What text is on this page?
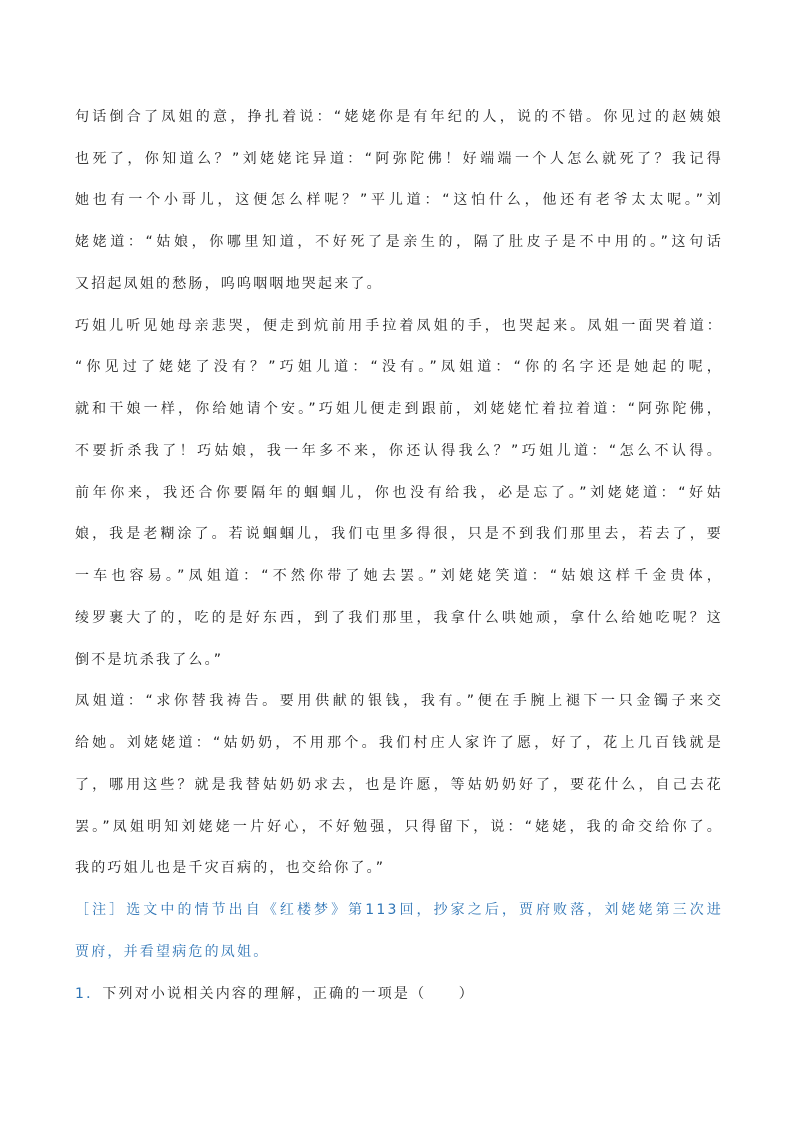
句话倒合了凤姐的意，挣扎着说：“姥姥你是有年纪的人，说的不错。你见过的赵姨娘
也死了，你知道么？”刘姥姥诧异道：“阿弥陀佛！好端端一个人怎么就死了？我记得
她也有一个小哥儿，这便怎么样呢？”平儿道：“这怕什么，他还有老爷太太呢。”刘
姥姥道：“姑娘，你哪里知道，不好死了是亲生的，隔了肚皮子是不中用的。”这句话
又招起凤姐的愁肠，呜呜咽咽地哭起来了。
巧姐儿听见她母亲悲哭，便走到炕前用手拉着凤姐的手，也哭起来。凤姐一面哭着道：
“你见过了姥姥了没有？”巧姐儿道：“没有。”凤姐道：“你的名字还是她起的呢，
就和干娘一样，你给她请个安。”巧姐儿便走到跟前，刘姥姥忙着拉着道：“阿弥陀佛，
不要折杀我了！巧姑娘，我一年多不来，你还认得我么？”巧姐儿道：“怎么不认得。
前年你来，我还合你要隔年的蝈蝈儿，你也没有给我，必是忘了。”刘姥姥道：“好姑
娘，我是老糊涂了。若说蝈蝈儿，我们屯里多得很，只是不到我们那里去，若去了，要
一车也容易。”凤姐道：“不然你带了她去罢。”刘姥姥笑道：“姑娘这样千金贵体，
绫罗裹大了的，吃的是好东西，到了我们那里，我拿什么哄她顽，拿什么给她吃呢？这
倒不是坑杀我了么。”
凤姐道：“求你替我祷告。要用供献的银钱，我有。”便在手腕上褪下一只金镯子来交
给她。刘姥姥道：“姑奶奶，不用那个。我们村庄人家许了愿，好了，花上几百钱就是
了，哪用这些？就是我替姑奶奶求去，也是许愿，等姑奶奶好了，要花什么，自己去花
罢。”凤姐明知刘姥姥一片好心，不好勉强，只得留下，说：“姥姥，我的命交给你了。
我的巧姐儿也是千灾百病的，也交给你了。”
［注］选文中的情节出自《红楼梦》第113回，抄家之后，贾府败落，刘姥姥第三次进
贾府，并看望病危的凤姐。
1．下列对小说相关内容的理解，正确的一项是（　　）
